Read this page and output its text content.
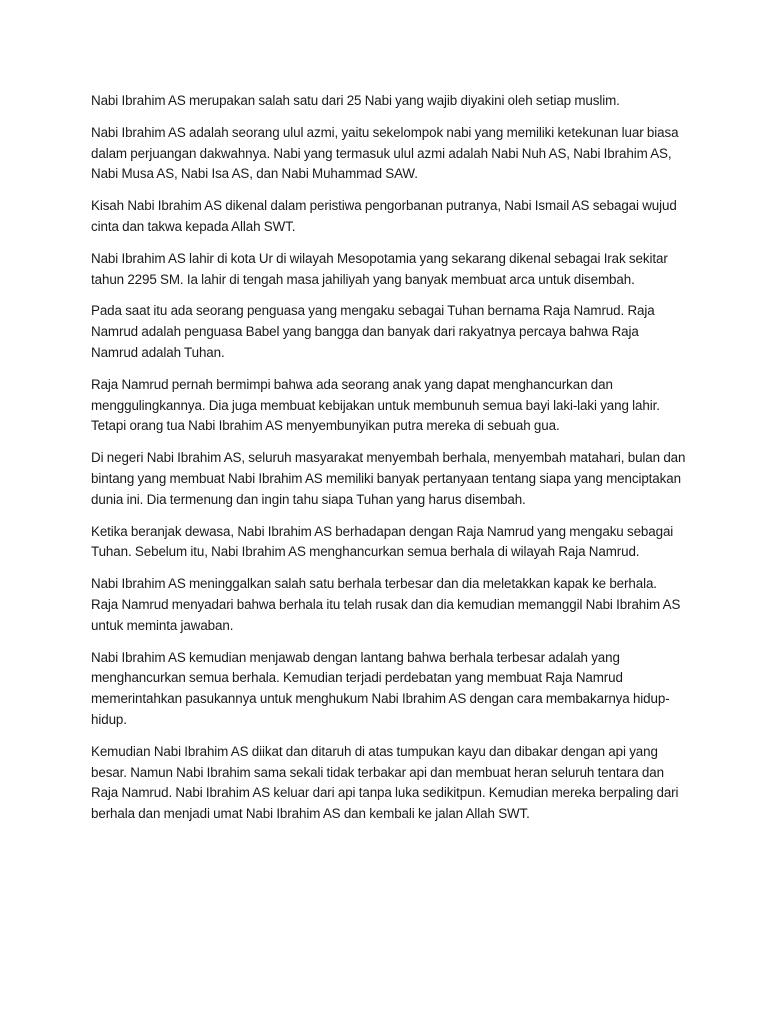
Nabi Ibrahim AS merupakan salah satu dari 25 Nabi yang wajib diyakini oleh setiap muslim.

Nabi Ibrahim AS adalah seorang ulul azmi, yaitu sekelompok nabi yang memiliki ketekunan luar biasa dalam perjuangan dakwahnya. Nabi yang termasuk ulul azmi adalah Nabi Nuh AS, Nabi Ibrahim AS, Nabi Musa AS, Nabi Isa AS, dan Nabi Muhammad SAW.

Kisah Nabi Ibrahim AS dikenal dalam peristiwa pengorbanan putranya, Nabi Ismail AS sebagai wujud cinta dan takwa kepada Allah SWT.

Nabi Ibrahim AS lahir di kota Ur di wilayah Mesopotamia yang sekarang dikenal sebagai Irak sekitar tahun 2295 SM. Ia lahir di tengah masa jahiliyah yang banyak membuat arca untuk disembah.

Pada saat itu ada seorang penguasa yang mengaku sebagai Tuhan bernama Raja Namrud. Raja Namrud adalah penguasa Babel yang bangga dan banyak dari rakyatnya percaya bahwa Raja Namrud adalah Tuhan.

Raja Namrud pernah bermimpi bahwa ada seorang anak yang dapat menghancurkan dan menggulingkannya. Dia juga membuat kebijakan untuk membunuh semua bayi laki-laki yang lahir. Tetapi orang tua Nabi Ibrahim AS menyembunyikan putra mereka di sebuah gua.

Di negeri Nabi Ibrahim AS, seluruh masyarakat menyembah berhala, menyembah matahari, bulan dan bintang yang membuat Nabi Ibrahim AS memiliki banyak pertanyaan tentang siapa yang menciptakan dunia ini. Dia termenung dan ingin tahu siapa Tuhan yang harus disembah.

Ketika beranjak dewasa, Nabi Ibrahim AS berhadapan dengan Raja Namrud yang mengaku sebagai Tuhan. Sebelum itu, Nabi Ibrahim AS menghancurkan semua berhala di wilayah Raja Namrud.

Nabi Ibrahim AS meninggalkan salah satu berhala terbesar dan dia meletakkan kapak ke berhala. Raja Namrud menyadari bahwa berhala itu telah rusak dan dia kemudian memanggil Nabi Ibrahim AS untuk meminta jawaban.

Nabi Ibrahim AS kemudian menjawab dengan lantang bahwa berhala terbesar adalah yang menghancurkan semua berhala. Kemudian terjadi perdebatan yang membuat Raja Namrud memerintahkan pasukannya untuk menghukum Nabi Ibrahim AS dengan cara membakarnya hidup-hidup.

Kemudian Nabi Ibrahim AS diikat dan ditaruh di atas tumpukan kayu dan dibakar dengan api yang besar. Namun Nabi Ibrahim sama sekali tidak terbakar api dan membuat heran seluruh tentara dan Raja Namrud. Nabi Ibrahim AS keluar dari api tanpa luka sedikitpun. Kemudian mereka berpaling dari berhala dan menjadi umat Nabi Ibrahim AS dan kembali ke jalan Allah SWT.
